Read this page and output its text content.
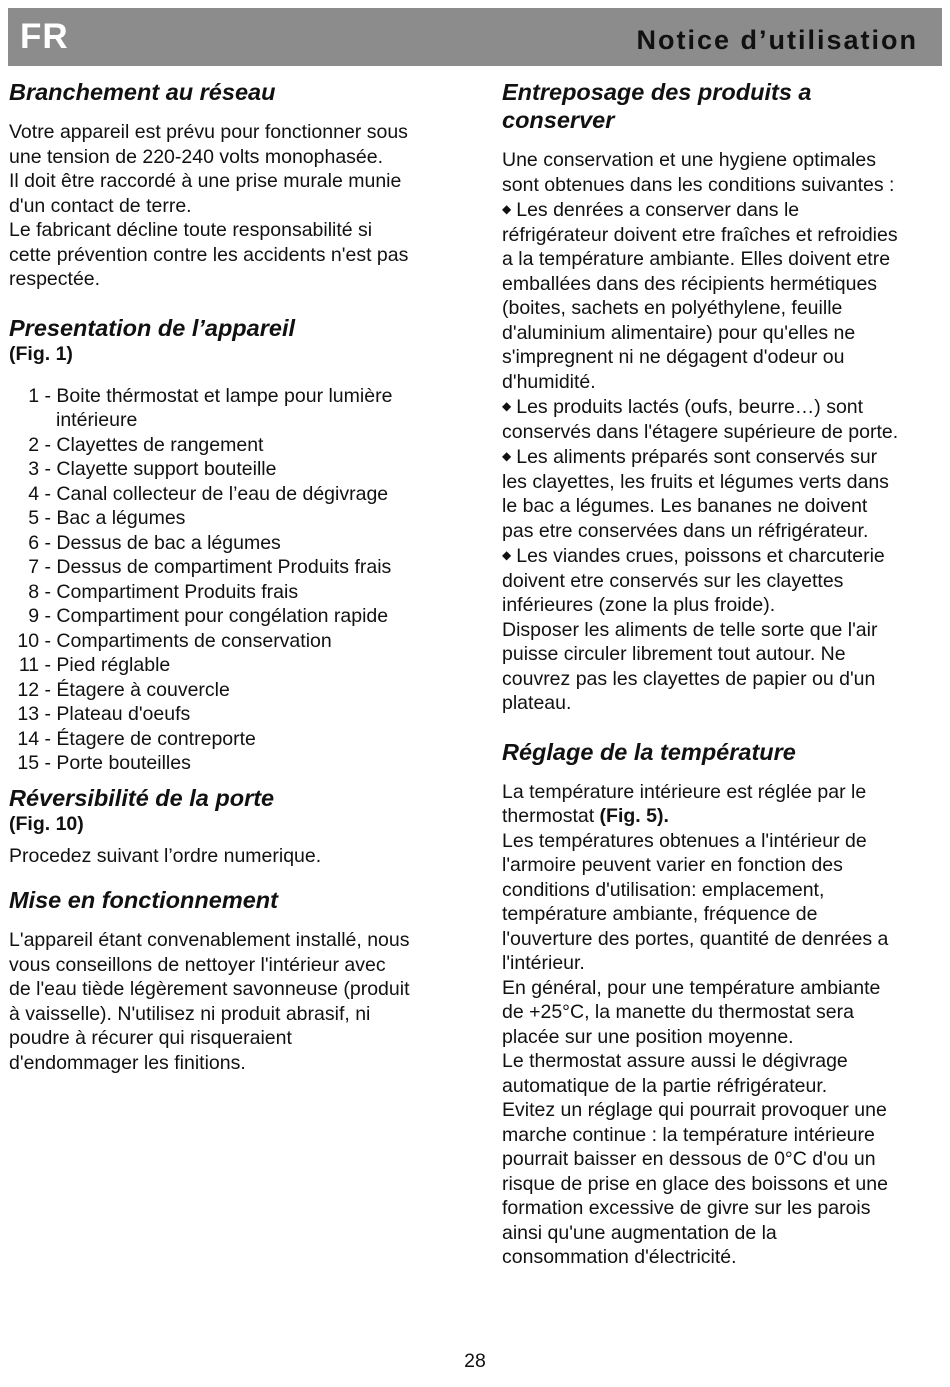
FR	Notice d’utilisation
Branchement au réseau

Votre appareil est prévu pour fonctionner sous

une tension de 220-240 volts monophasée.

Il doit être raccordé à une prise murale munie

d'un contact de terre.

Le fabricant décline toute responsabilité si

cette prévention contre les accidents n'est pas

respectée.

Presentation de l’appareil

(Fig. 1)

1 - Boite thérmostat et lampe pour lumière
intérieure
2 - Clayettes de rangement
3 - Clayette support bouteille
4 - Canal collecteur de l’eau de dégivrage
5 - Bac a légumes
6 - Dessus de bac a légumes
7 - Dessus de compartiment Produits frais
8 - Compartiment Produits frais
9 - Compartiment pour congélation rapide
10 - Compartiments de conservation
11 - Pied réglable
12 - Étagere à couvercle
13 - Plateau d'oeufs
14 - Étagere de contreporte
15 - Porte bouteilles
Réversibilité de la porte

(Fig. 10)

Procedez suivant l’ordre numerique.

Mise en fonctionnement

L'appareil étant convenablement installé, nous

vous conseillons de nettoyer l'intérieur avec

de l'eau tiède légèrement savonneuse (produit

à vaisselle). N'utilisez ni produit abrasif, ni

poudre à récurer qui risqueraient

d'endommager les finitions.

Entreposage des produits a
conserver

Une conservation et une hygiene optimales

sont obtenues dans les conditions suivantes :

◆ Les denrées a conserver dans le

réfrigérateur doivent etre fraîches et refroidies

a la température ambiante. Elles doivent etre

emballées dans des récipients hermétiques

(boites, sachets en polyéthylene, feuille

d'aluminium alimentaire) pour qu'elles ne

s'impregnent ni ne dégagent d'odeur ou

d'humidité.

◆ Les produits lactés (oufs, beurre…) sont

conservés dans l'étagere supérieure de porte.

◆ Les aliments préparés sont conservés sur

les clayettes, les fruits et légumes verts dans

le bac a légumes. Les bananes ne doivent

pas etre conservées dans un réfrigérateur.

◆ Les viandes crues, poissons et charcuterie

doivent etre conservés sur les clayettes

inférieures (zone la plus froide).

Disposer les aliments de telle sorte que l'air

puisse circuler librement tout autour. Ne

couvrez pas les clayettes de papier ou d'un

plateau.

Réglage de la température

La température intérieure est réglée par le

thermostat (Fig. 5).

Les températures obtenues a l'intérieur de

l'armoire peuvent varier en fonction des

conditions d'utilisation: emplacement,

température ambiante, fréquence de

l'ouverture des portes, quantité de denrées a

l'intérieur.

En général, pour une température ambiante

de +25°C, la manette du thermostat sera

placée sur une position moyenne.

Le thermostat assure aussi le dégivrage

automatique de la partie réfrigérateur.

Evitez un réglage qui pourrait provoquer une

marche continue : la température intérieure

pourrait baisser en dessous de 0°C d'ou un

risque de prise en glace des boissons et une

formation excessive de givre sur les parois

ainsi qu'une augmentation de la

consommation d'électricité.

28
